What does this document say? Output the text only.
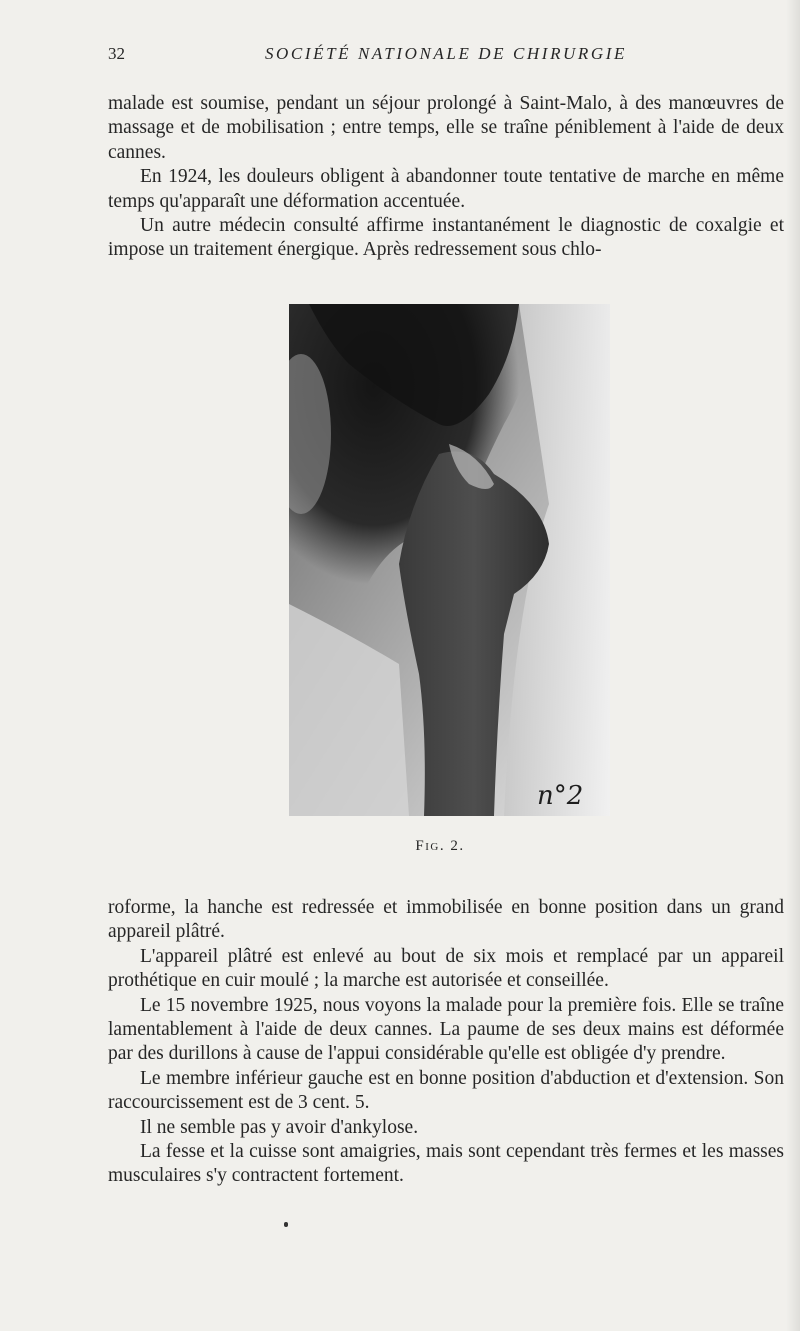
32	SOCIÉTÉ NATIONALE DE CHIRURGIE

malade est soumise, pendant un séjour prolongé à Saint-Malo, à des manœuvres de massage et de mobilisation ; entre temps, elle se traîne péniblement à l'aide de deux cannes.

En 1924, les douleurs obligent à abandonner toute tentative de marche en même temps qu'apparaît une déformation accentuée.

Un autre médecin consulté affirme instantanément le diagnostic de coxalgie et impose un traitement énergique. Après redressement sous chlo-

n°2
Fig. 2.

roforme, la hanche est redressée et immobilisée en bonne position dans un grand appareil plâtré.

L'appareil plâtré est enlevé au bout de six mois et remplacé par un appareil prothétique en cuir moulé ; la marche est autorisée et conseillée.

Le 15 novembre 1925, nous voyons la malade pour la première fois. Elle se traîne lamentablement à l'aide de deux cannes. La paume de ses deux mains est déformée par des durillons à cause de l'appui considérable qu'elle est obligée d'y prendre.

Le membre inférieur gauche est en bonne position d'abduction et d'extension. Son raccourcissement est de 3 cent. 5.

Il ne semble pas y avoir d'ankylose.

La fesse et la cuisse sont amaigries, mais sont cependant très fermes et les masses musculaires s'y contractent fortement.
